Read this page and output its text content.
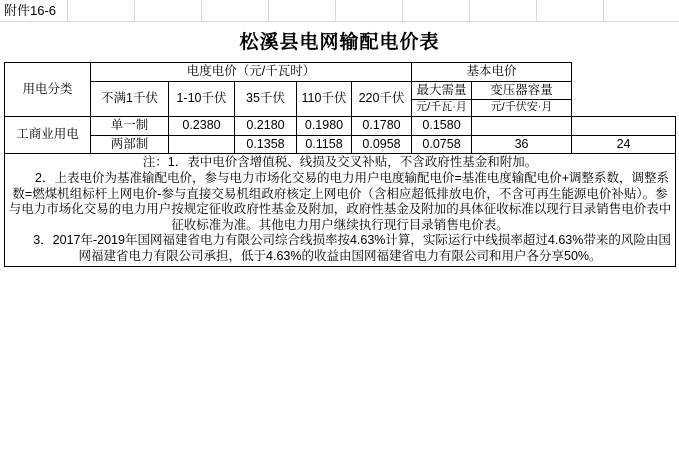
附件16-6
松溪县电网输配电价表
用电分类	电度电价（元/千瓦时）					基本电价		
	不满1千伏	1-10千伏	35千伏	110千伏	220千伏	最大需量	变压器容量	
						元/千瓦·月	元/千伏安·月	
工商业用电	单一制	0.2380	0.2180	0.1980	0.1780	0.1580		
	两部制		0.1358	0.1158	0.0958	0.0758	36	24

注：1．表中电价含增值税、线损及交叉补贴，不含政府性基金和附加。

2．上表电价为基准输配电价，参与电力市场化交易的电力用户电度输配电价=基准电度输配电价+调整系数，调整系数=燃煤机组标杆上网电价-参与直接交易机组政府核定上网电价（含相应超低排放电价，不含可再生能源电价补贴）。参与电力市场化交易的电力用户按规定征收政府性基金及附加，政府性基金及附加的具体征收标准以现行目录销售电价表中征收标准为准。其他电力用户继续执行现行目录销售电价表。

3．2017年-2019年国网福建省电力有限公司综合线损率按4.63%计算，实际运行中线损率超过4.63%带来的风险由国网福建省电力有限公司承担，低于4.63%的收益由国网福建省电力有限公司和用户各分享50%。								
